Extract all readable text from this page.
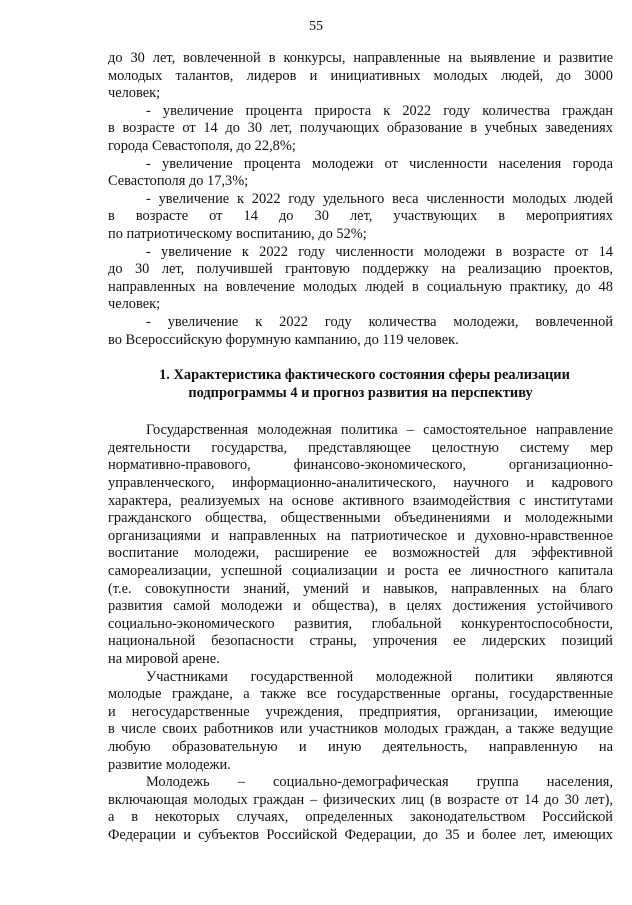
55
до 30 лет, вовлеченной в конкурсы, направленные на выявление и развитие
молодых талантов, лидеров и инициативных молодых людей, до 3000
человек;
- увеличение процента прироста к 2022 году количества граждан
в возрасте от 14 до 30 лет, получающих образование в учебных заведениях
города Севастополя, до 22,8%;
- увеличение процента молодежи от численности населения города
Севастополя до 17,3%;
- увеличение к 2022 году удельного веса численности молодых людей
в возрасте от 14 до 30 лет, участвующих в мероприятиях
по патриотическому воспитанию, до 52%;
- увеличение к 2022 году численности молодежи в возрасте от 14
до 30 лет, получившей грантовую поддержку на реализацию проектов,
направленных на вовлечение молодых людей в социальную практику, до 48
человек;
- увеличение к 2022 году количества молодежи, вовлеченной
во Всероссийскую форумную кампанию, до 119 человек.
1. Характеристика фактического состояния сферы реализации
подпрограммы 4 и прогноз развития на перспективу
Государственная молодежная политика – самостоятельное направление
деятельности государства, представляющее целостную систему мер
нормативно-правового, финансово-экономического, организационно-
управленческого, информационно-аналитического, научного и кадрового
характера, реализуемых на основе активного взаимодействия с институтами
гражданского общества, общественными объединениями и молодежными
организациями и направленных на патриотическое и духовно-нравственное
воспитание молодежи, расширение ее возможностей для эффективной
самореализации, успешной социализации и роста ее личностного капитала
(т.е. совокупности знаний, умений и навыков, направленных на благо
развития самой молодежи и общества), в целях достижения устойчивого
социально-экономического развития, глобальной конкурентоспособности,
национальной безопасности страны, упрочения ее лидерских позиций
на мировой арене.
Участниками государственной молодежной политики являются
молодые граждане, а также все государственные органы, государственные
и негосударственные учреждения, предприятия, организации, имеющие
в числе своих работников или участников молодых граждан, а также ведущие
любую образовательную и иную деятельность, направленную на
развитие молодежи.
Молодежь – социально-демографическая группа населения,
включающая молодых граждан – физических лиц (в возрасте от 14 до 30 лет),
а в некоторых случаях, определенных законодательством Российской
Федерации и субъектов Российской Федерации, до 35 и более лет, имеющих
